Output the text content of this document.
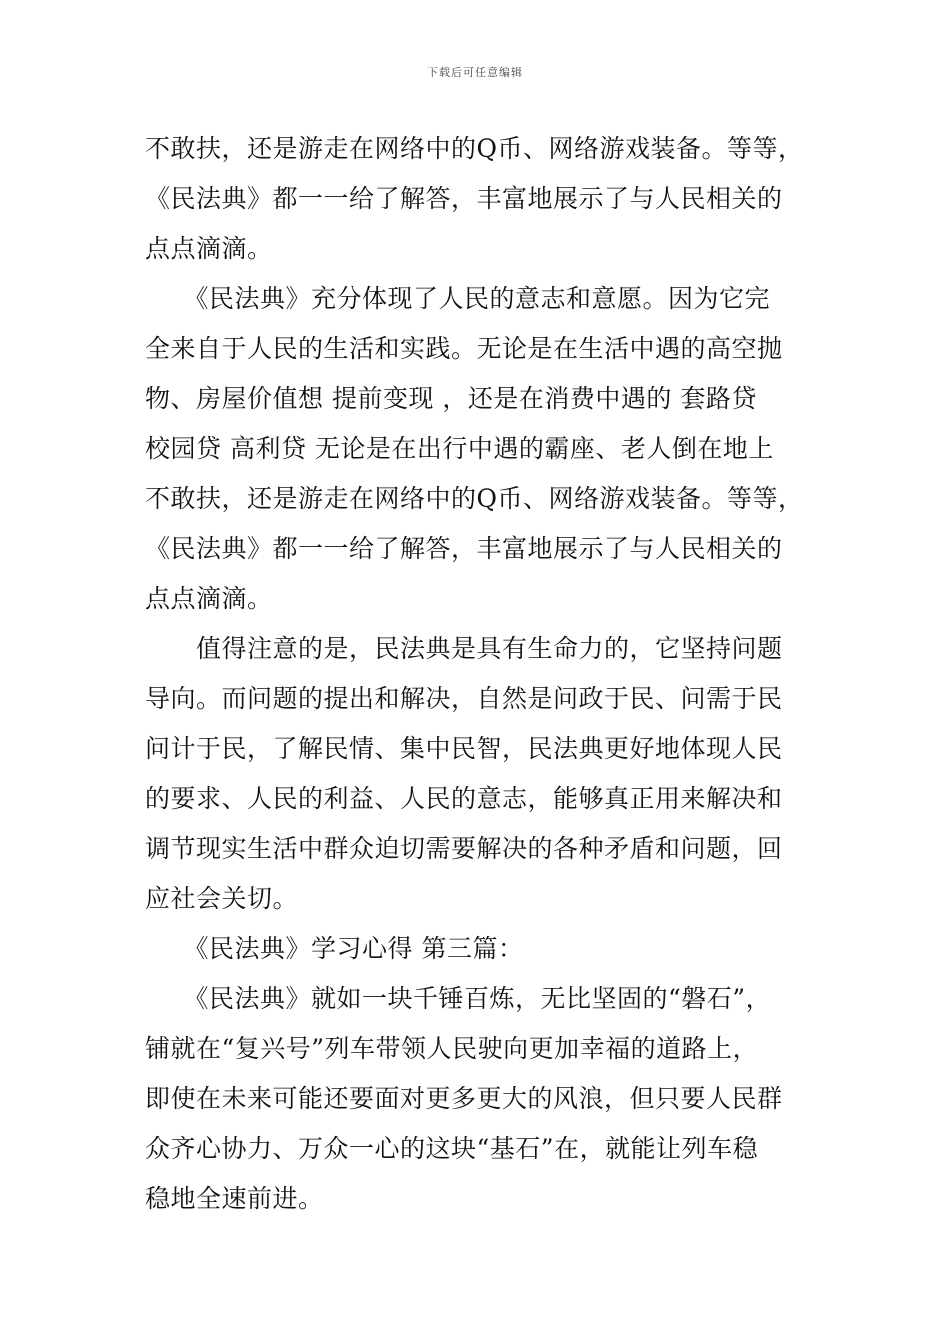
下载后可任意编辑
不敢扶，还是游走在网络中的Q币、网络游戏装备。等等，
《民法典》都一一给了解答，丰富地展示了与人民相关的
点点滴滴。
　　《民法典》充分体现了人民的意志和意愿。因为它完
全来自于人民的生活和实践。无论是在生活中遇的高空抛
物、房屋价值想 提前变现 ，还是在消费中遇的 套路贷
校园贷 高利贷 无论是在出行中遇的霸座、老人倒在地上
不敢扶，还是游走在网络中的Q币、网络游戏装备。等等，
《民法典》都一一给了解答，丰富地展示了与人民相关的
点点滴滴。
　　值得注意的是，民法典是具有生命力的，它坚持问题
导向。而问题的提出和解决，自然是问政于民、问需于民
问计于民，了解民情、集中民智，民法典更好地体现人民
的要求、人民的利益、人民的意志，能够真正用来解决和
调节现实生活中群众迫切需要解决的各种矛盾和问题，回
应社会关切。
　　《民法典》学习心得 第三篇：
　　《民法典》就如一块千锤百炼，无比坚固的“磐石”，
铺就在“复兴号”列车带领人民驶向更加幸福的道路上，
即使在未来可能还要面对更多更大的风浪，但只要人民群
众齐心协力、万众一心的这块“基石”在，就能让列车稳
稳地全速前进。
